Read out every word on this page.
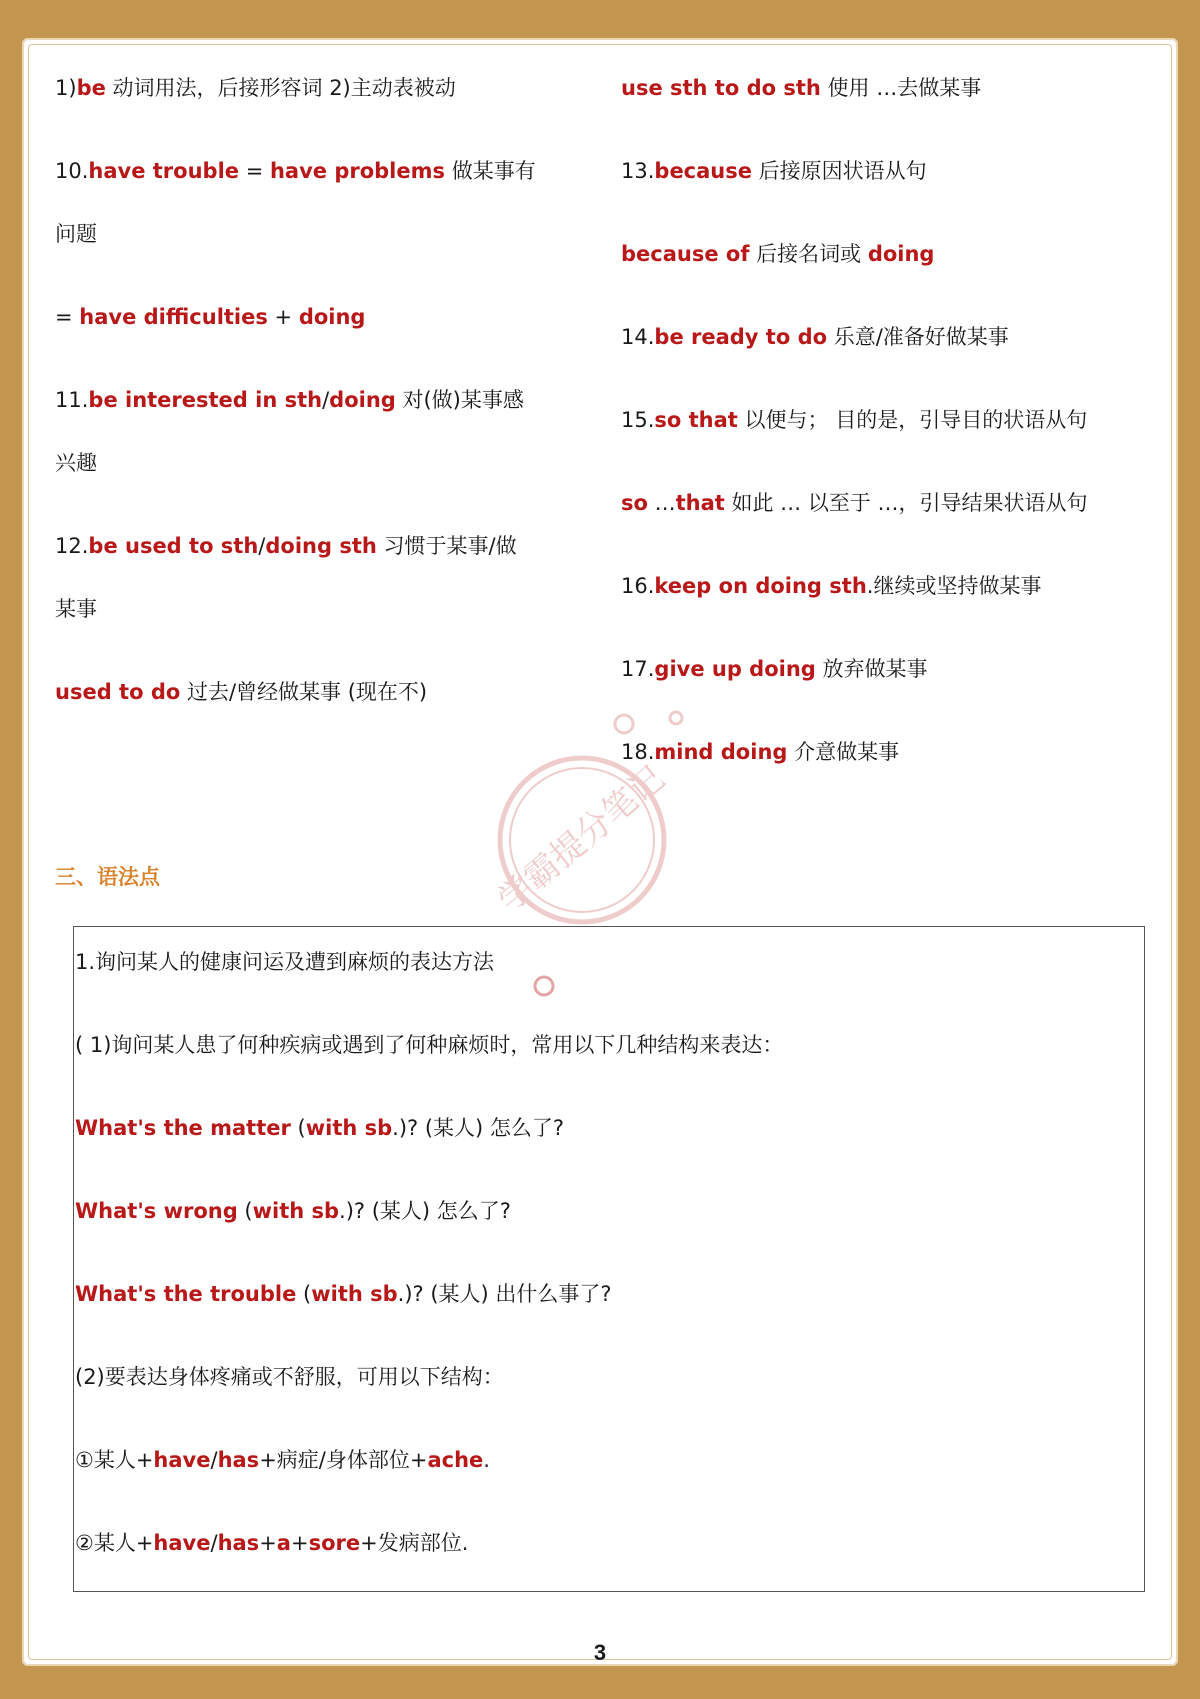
学霸提分笔记
1)be 动词用法，后接形容词 2)主动表被动
10.have trouble = have problems 做某事有
问题
= have difficulties + doing
11.be interested in sth/doing 对(做)某事感
兴趣
12.be used to sth/doing sth 习惯于某事/做
某事
used to do 过去/曾经做某事 (现在不)
use sth to do sth 使用 …去做某事
13.because 后接原因状语从句
because of 后接名词或 doing
14.be ready to do 乐意/准备好做某事
15.so that 以便与； 目的是，引导目的状语从句
so …that 如此 … 以至于 …，引导结果状语从句
16.keep on doing sth.继续或坚持做某事
17.give up doing 放弃做某事
18.mind doing 介意做某事
三、语法点
1.询问某人的健康问运及遭到麻烦的表达方法
( 1)询问某人患了何种疾病或遇到了何种麻烦时，常用以下几种结构来表达：
What's the matter (with sb.)? (某人) 怎么了?
What's wrong (with sb.)? (某人) 怎么了?
What's the trouble (with sb.)? (某人) 出什么事了?
(2)要表达身体疼痛或不舒服，可用以下结构：
①某人+have/has+病症/身体部位+ache.
②某人+have/has+a+sore+发病部位.
3
